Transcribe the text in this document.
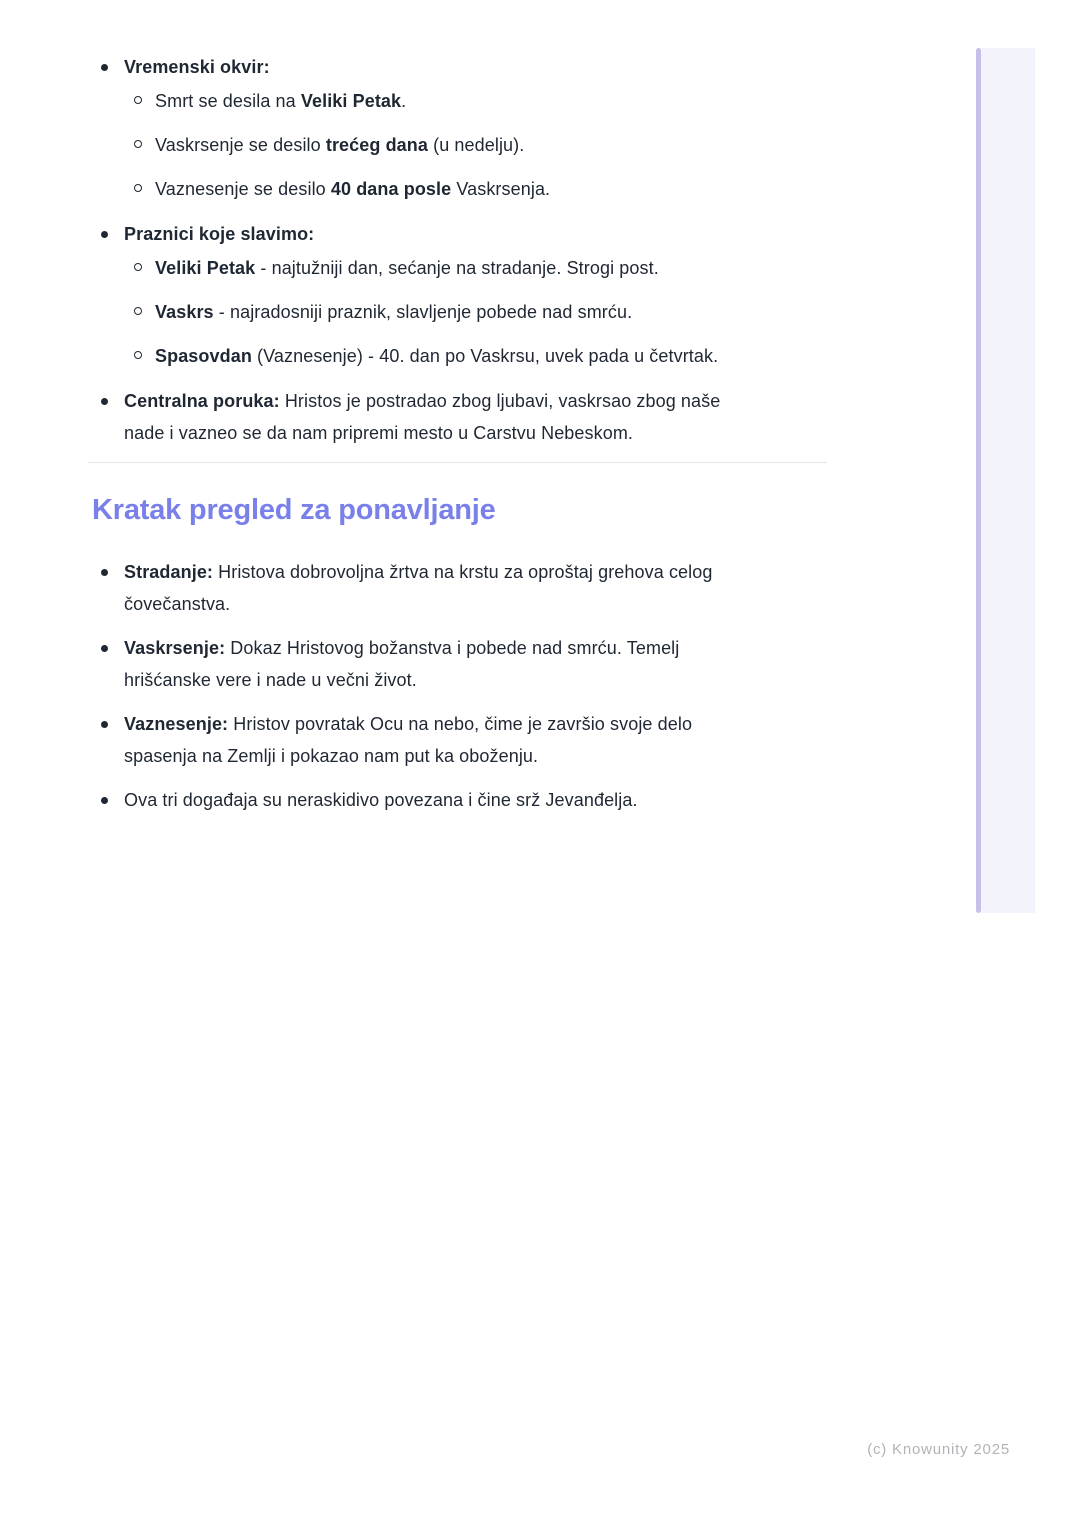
Vremenski okvir:
Smrt se desila na Veliki Petak.
Vaskrsenje se desilo trećeg dana (u nedelju).
Vaznesenje se desilo 40 dana posle Vaskrsenja.
Praznici koje slavimo:
Veliki Petak - najtužniji dan, sećanje na stradanje. Strogi post.
Vaskrs - najradosniji praznik, slavljenje pobede nad smrću.
Spasovdan (Vaznesenje) - 40. dan po Vaskrsu, uvek pada u četvrtak.
Centralna poruka: Hristos je postradao zbog ljubavi, vaskrsao zbog naše
nade i vazneo se da nam pripremi mesto u Carstvu Nebeskom.
Kratak pregled za ponavljanje
Stradanje: Hristova dobrovoljna žrtva na krstu za oproštaj grehova celog
čovečanstva.
Vaskrsenje: Dokaz Hristovog božanstva i pobede nad smrću. Temelj
hrišćanske vere i nade u večni život.
Vaznesenje: Hristov povratak Ocu na nebo, čime je završio svoje delo
spasenja na Zemlji i pokazao nam put ka oboženju.
Ova tri događaja su neraskidivo povezana i čine srž Jevanđelja.
(c) Knowunity 2025
